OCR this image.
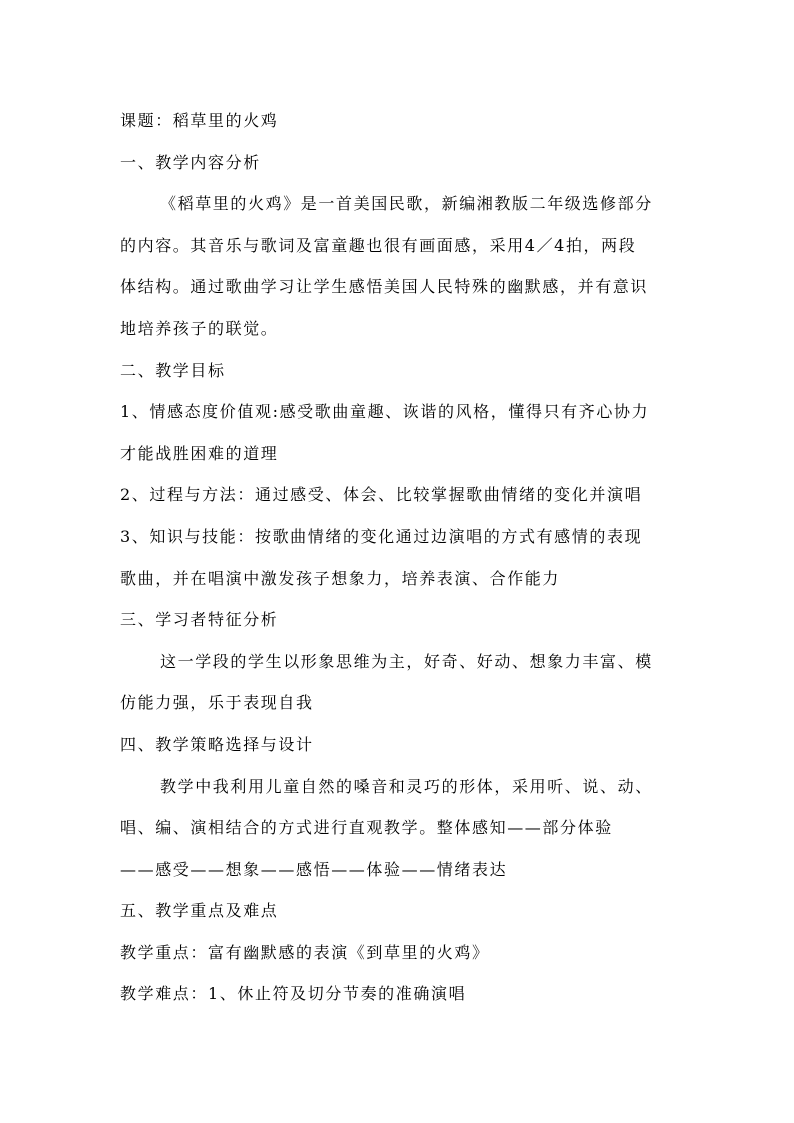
课题：稻草里的火鸡
一、教学内容分析
《稻草里的火鸡》是一首美国民歌，新编湘教版二年级选修部分
的内容。其音乐与歌词及富童趣也很有画面感，采用4／4拍，两段
体结构。通过歌曲学习让学生感悟美国人民特殊的幽默感，并有意识
地培养孩子的联觉。
二、教学目标
1、情感态度价值观:感受歌曲童趣、诙谐的风格，懂得只有齐心协力
才能战胜困难的道理
2、过程与方法：通过感受、体会、比较掌握歌曲情绪的变化并演唱
3、知识与技能：按歌曲情绪的变化通过边演唱的方式有感情的表现
歌曲，并在唱演中激发孩子想象力，培养表演、合作能力
三、学习者特征分析
这一学段的学生以形象思维为主，好奇、好动、想象力丰富、模
仿能力强，乐于表现自我
四、教学策略选择与设计
教学中我利用儿童自然的嗓音和灵巧的形体，采用听、说、动、
唱、编、演相结合的方式进行直观教学。整体感知——部分体验
——感受——想象——感悟——体验——情绪表达
五、教学重点及难点
教学重点：富有幽默感的表演《到草里的火鸡》
教学难点：1、休止符及切分节奏的准确演唱
